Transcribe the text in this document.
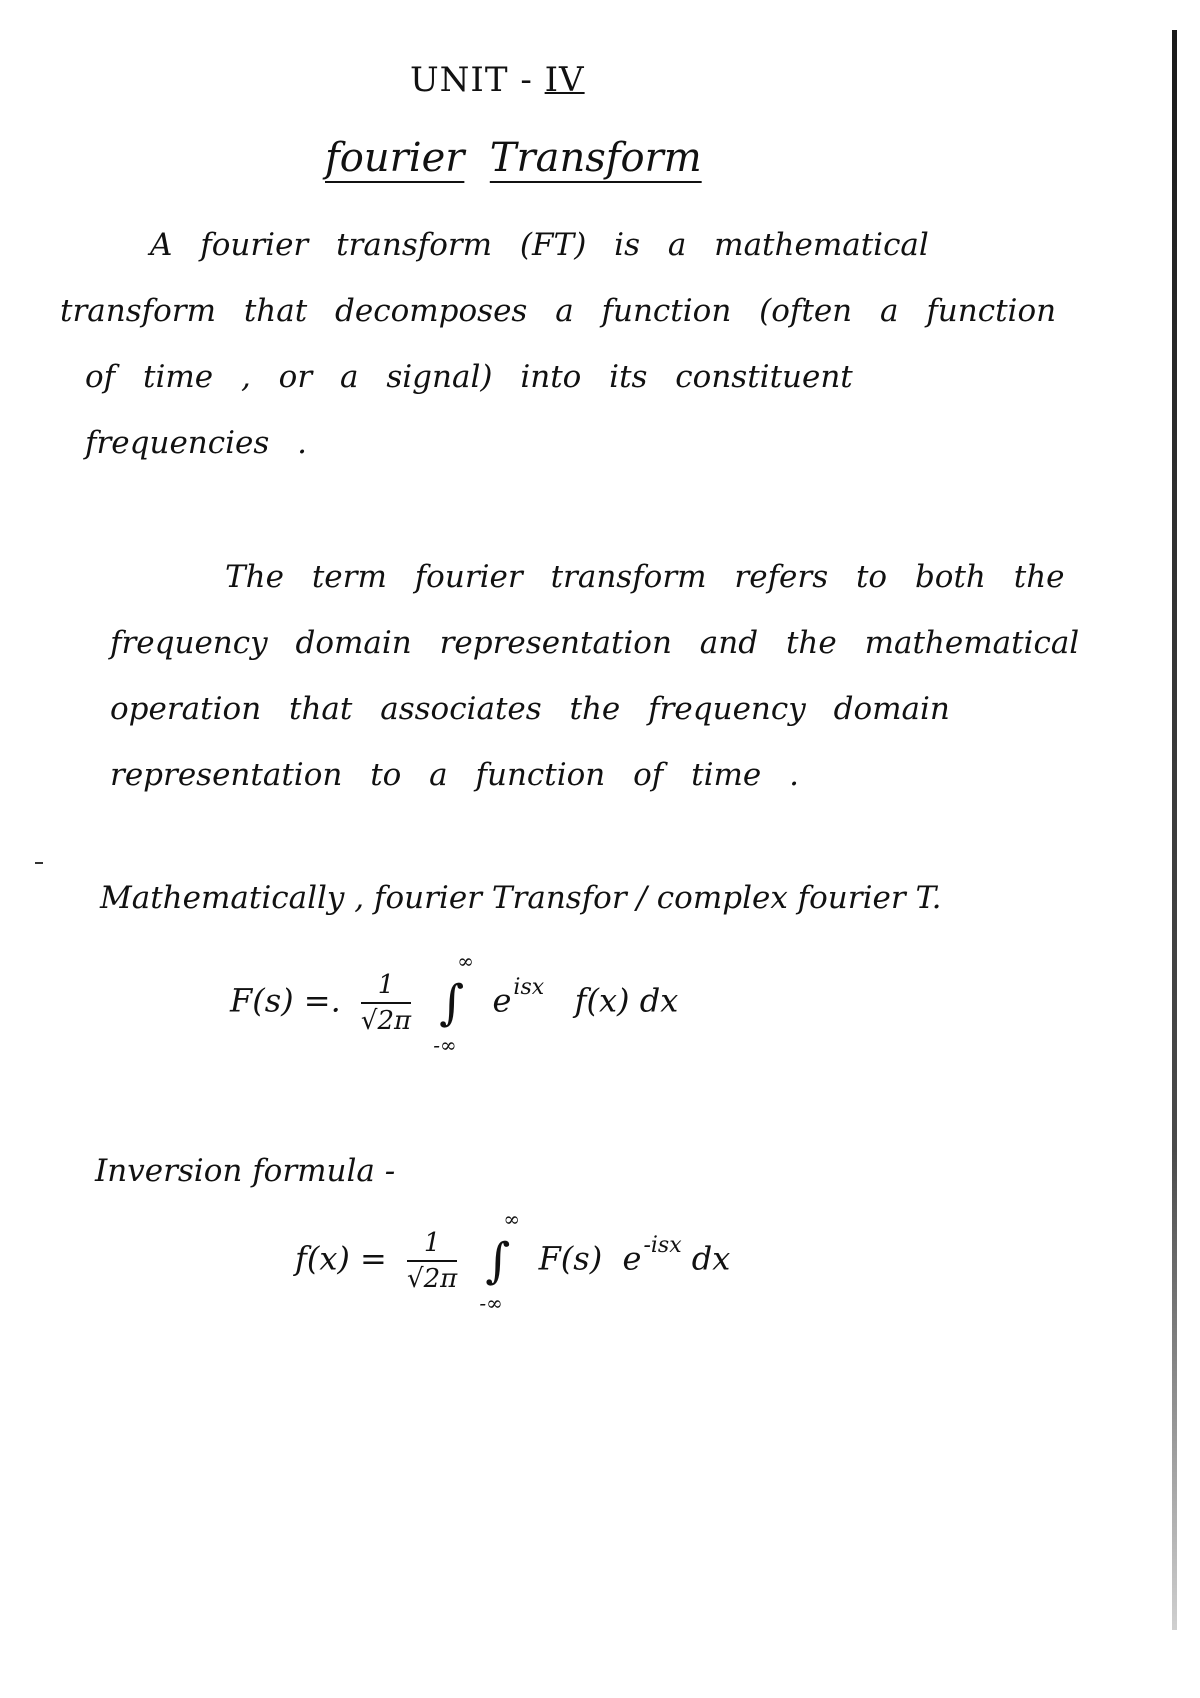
UNIT - IV
fourier Transform
A fourier transform (FT) is a mathematical
transform that decomposes a function (often a function
of time , or a signal) into its constituent
frequencies .
The term fourier transform refers to both the
frequency domain representation and the mathematical
operation that associates the frequency domain
representation to a function of time .
Mathematically , fourier Transfor / complex fourier T.
F(s) =. $\frac{1}{√2\pi}$ ∫
∞
-∞
$e^{isx}$ f(x) dx
Inversion formula -
$f(x) = \frac{1}{√2\pi}$ ∫
∞
-∞
F(s) $e^{-isx}$ dx
